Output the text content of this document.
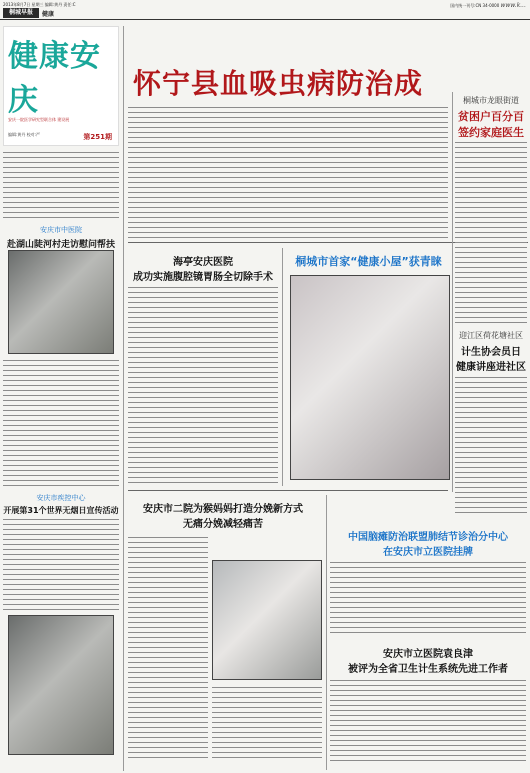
2013年8月7日 星期三 编辑:黄丹 责任:C
桐城早报	健康
国内统一刊号:CN 34-0000 www.k...
健康安庆
安庆一院医学研究型联合体 建设展
编辑:黄丹 校对:严	第251期
安庆市中医院
赴湖山陡河村走访慰问帮扶
安庆市疾控中心
开展第31个世界无烟日宣传活动
怀宁县血吸虫病防治成
海亭安庆医院
成功实施腹腔镜胃肠全切除手术
桐城市首家“健康小屋”获青睐
安庆市二院为猴妈妈打造分娩新方式
无痛分娩减轻痛苦
中国脑瘫防治联盟肺结节诊治分中心
在安庆市立医院挂牌
安庆市立医院袁良津
被评为全省卫生计生系统先进工作者
桐城市龙眼街道
贫困户百分百
签约家庭医生
迎江区荷花塘社区
计生协会员日
健康讲座进社区
